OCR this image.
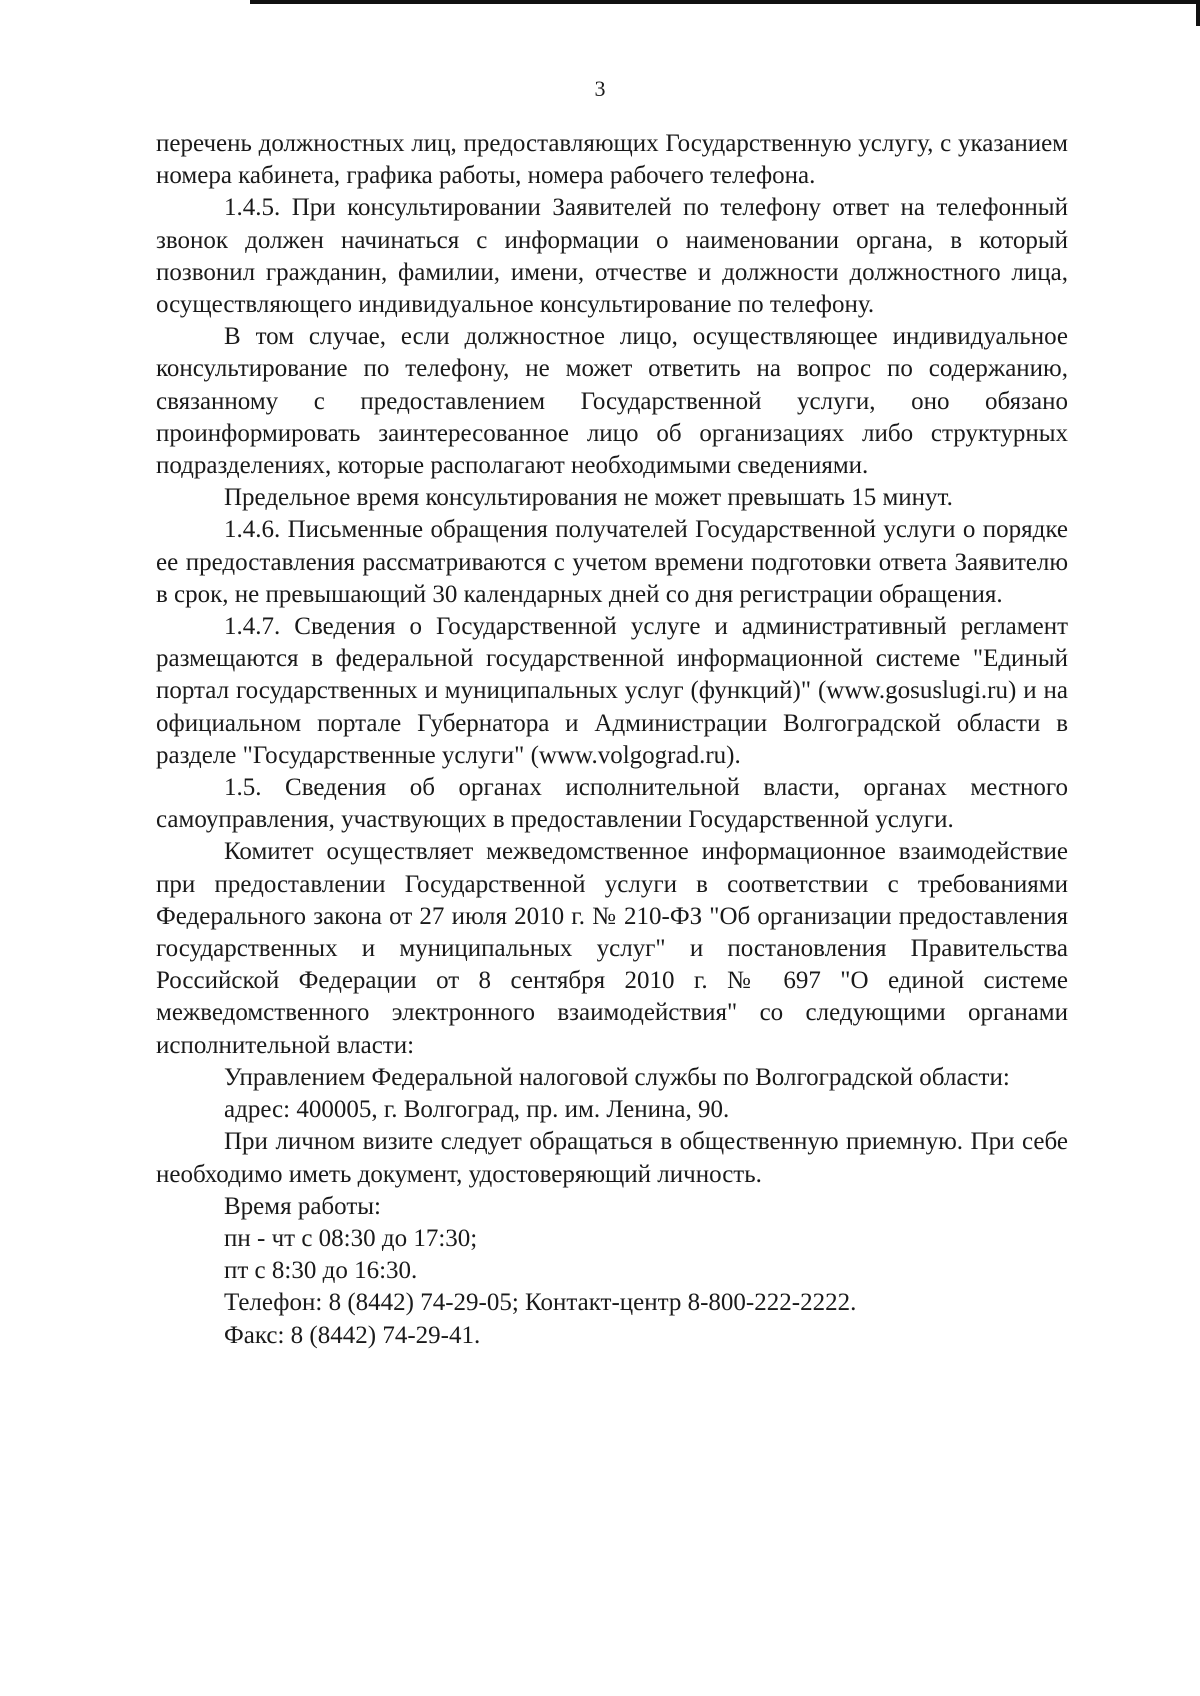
3

перечень должностных лиц, предоставляющих Государственную услугу, с указанием номера кабинета, графика работы, номера рабочего телефона.

1.4.5. При консультировании Заявителей по телефону ответ на телефонный звонок должен начинаться с информации о наименовании органа, в который позвонил гражданин, фамилии, имени, отчестве и должности должностного лица, осуществляющего индивидуальное консультирование по телефону.

В том случае, если должностное лицо, осуществляющее индивидуальное консультирование по телефону, не может ответить на вопрос по содержанию, связанному с предоставлением Государственной услуги, оно обязано проинформировать заинтересованное лицо об организациях либо структурных подразделениях, которые располагают необходимыми сведениями.

Предельное время консультирования не может превышать 15 минут.

1.4.6. Письменные обращения получателей Государственной услуги о порядке ее предоставления рассматриваются с учетом времени подготовки ответа Заявителю в срок, не превышающий 30 календарных дней со дня регистрации обращения.

1.4.7. Сведения о Государственной услуге и административный регламент размещаются в федеральной государственной информационной системе "Единый портал государственных и муниципальных услуг (функций)" (www.gosuslugi.ru) и на официальном портале Губернатора и Администрации Волгоградской области в разделе "Государственные услуги" (www.volgograd.ru).

1.5. Сведения об органах исполнительной власти, органах местного самоуправления, участвующих в предоставлении Государственной услуги.

Комитет осуществляет межведомственное информационное взаимодействие при предоставлении Государственной услуги в соответствии с требованиями Федерального закона от 27 июля 2010 г. № 210-ФЗ "Об организации предоставления государственных и муниципальных услуг" и постановления Правительства Российской Федерации от 8 сентября 2010 г. № 697 "О единой системе межведомственного электронного взаимодействия" со следующими органами исполнительной власти:

Управлением Федеральной налоговой службы по Волгоградской области:

адрес: 400005, г. Волгоград, пр. им. Ленина, 90.

При личном визите следует обращаться в общественную приемную. При себе необходимо иметь документ, удостоверяющий личность.

Время работы:

пн - чт с 08:30 до 17:30;

пт с 8:30 до 16:30.

Телефон: 8 (8442) 74-29-05; Контакт-центр 8-800-222-2222.

Факс: 8 (8442) 74-29-41.
